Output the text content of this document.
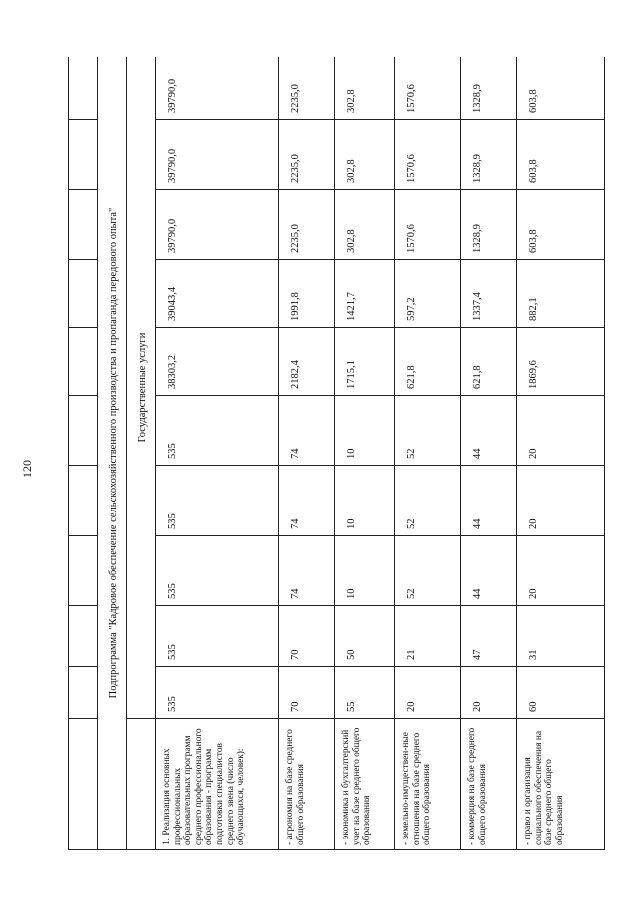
120
											Подпрограмма "Кадровое обеспечение сельскохозяйственного производства и пропаганда передового опыта"										
	Государственные услуги									
1. Реализация основных профессиональных образовательных программ среднего профессионального образования - программ подготовки специалистов среднего звена (число обучающихся, человек):	535	535	535	535	535	38303,2	39043,4	39790,0	39790,0	39790,0
- агрономия на базе среднего общего образования	70	70	74	74	74	2182,4	1991,8	2235,0	2235,0	2235,0
- экономика и бухгалтерский учет на базе среднего общего образования	55	50	10	10	10	1715,1	1421,7	302,8	302,8	302,8
- земельно-имуществен-ные отношения на базе среднего общего образования	20	21	52	52	52	621,8	597,2	1570,6	1570,6	1570,6
- коммерция на базе среднего общего образования	20	47	44	44	44	621,8	1337,4	1328,9	1328,9	1328,9
- право и организация социального обеспечения на базе среднего общего образования	60	31	20	20	20	1869,6	882,1	603,8	603,8	603,8
